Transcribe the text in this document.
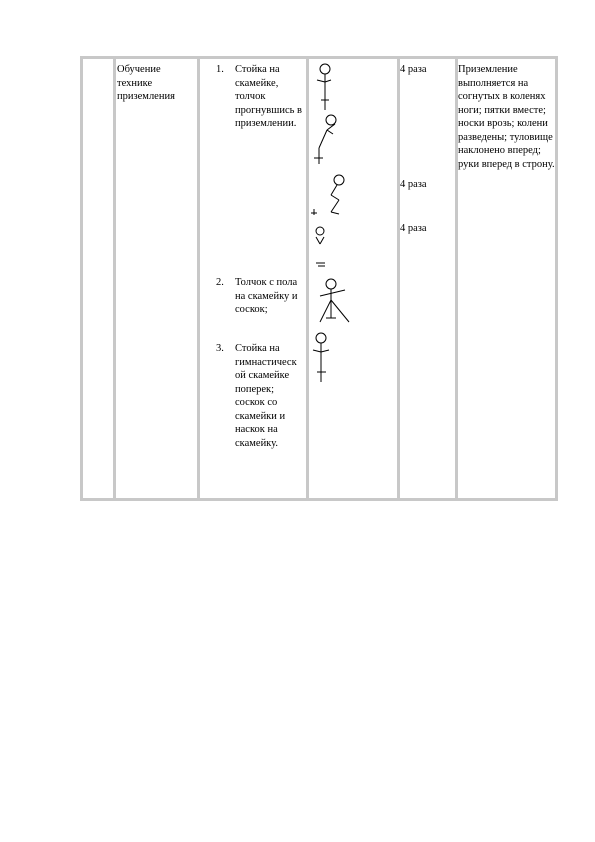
Обучение технике приземления
1. Стойка на скамейке, толчок прогнувшись в приземлении.
2. Толчок с пола на скамейку и соскок;
3. Стойка на гимнастическ ой скамейке поперек; соскок со скамейки и наскок на скамейку.
4 раза
4 раза
4 раза
Приземление выполняется на согнутых в коленях ноги; пятки вместе; носки врозь; колени разведены; туловище наклонено вперед; руки вперед в строну.
